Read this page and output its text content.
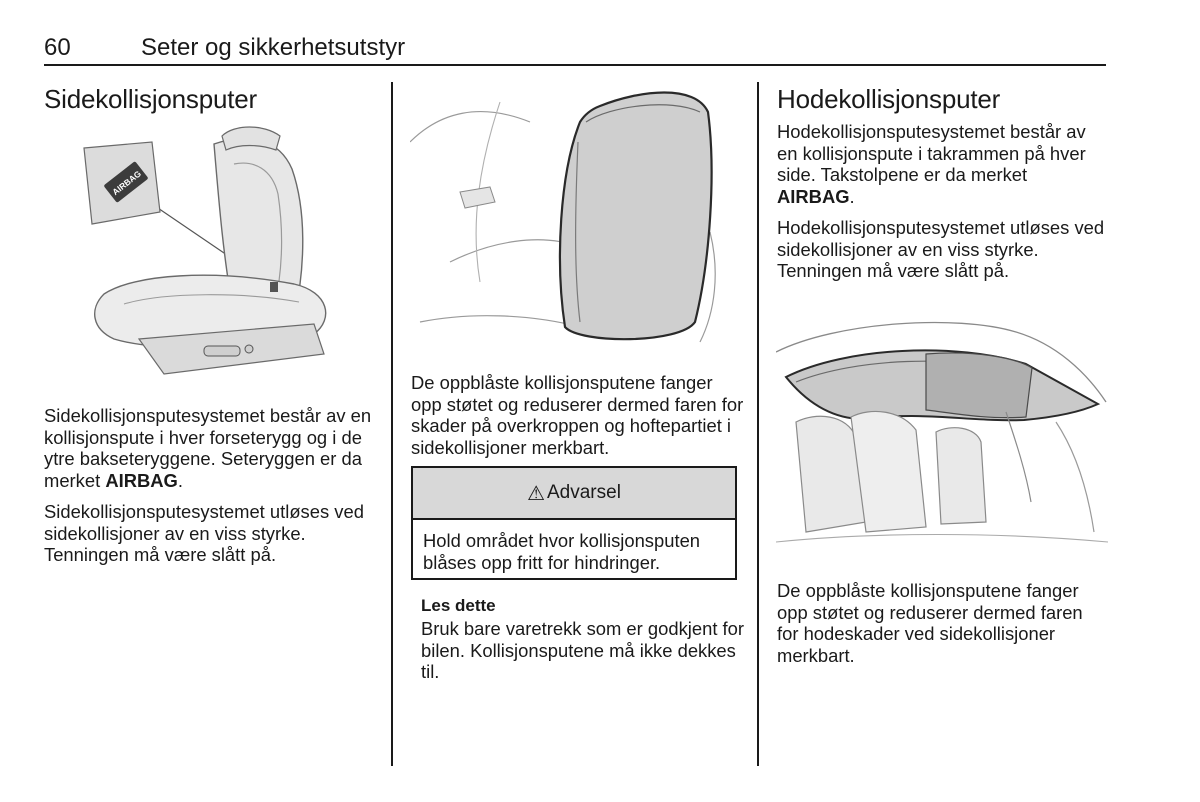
60	Seter og sikkerhetsutstyr
Sidekollisjonsputer
AIRBAG

Sidekollisjonsputesystemet består av en kollisjonspute i hver forseterygg og i de ytre bakseteryggene. Seteryggen er da merket AIRBAG.

Sidekollisjonsputesystemet utløses ved sidekollisjoner av en viss styrke. Tenningen må være slått på.

De oppblåste kollisjonsputene fanger opp støtet og reduserer dermed faren for skader på overkroppen og hoftepartiet i sidekollisjoner merkbart.

⚠ Advarsel
Hold området hvor kollisjonsputen blåses opp fritt for hindringer.
Les dette

Bruk bare varetrekk som er godkjent for bilen. Kollisjonsputene må ikke dekkes til.

Hodekollisjonsputer

Hodekollisjonsputesystemet består av en kollisjonspute i takrammen på hver side. Takstolpene er da merket AIRBAG.

Hodekollisjonsputesystemet utløses ved sidekollisjoner av en viss styrke. Tenningen må være slått på.

De oppblåste kollisjonsputene fanger opp støtet og reduserer dermed faren for hodeskader ved sidekollisjoner merkbart.
